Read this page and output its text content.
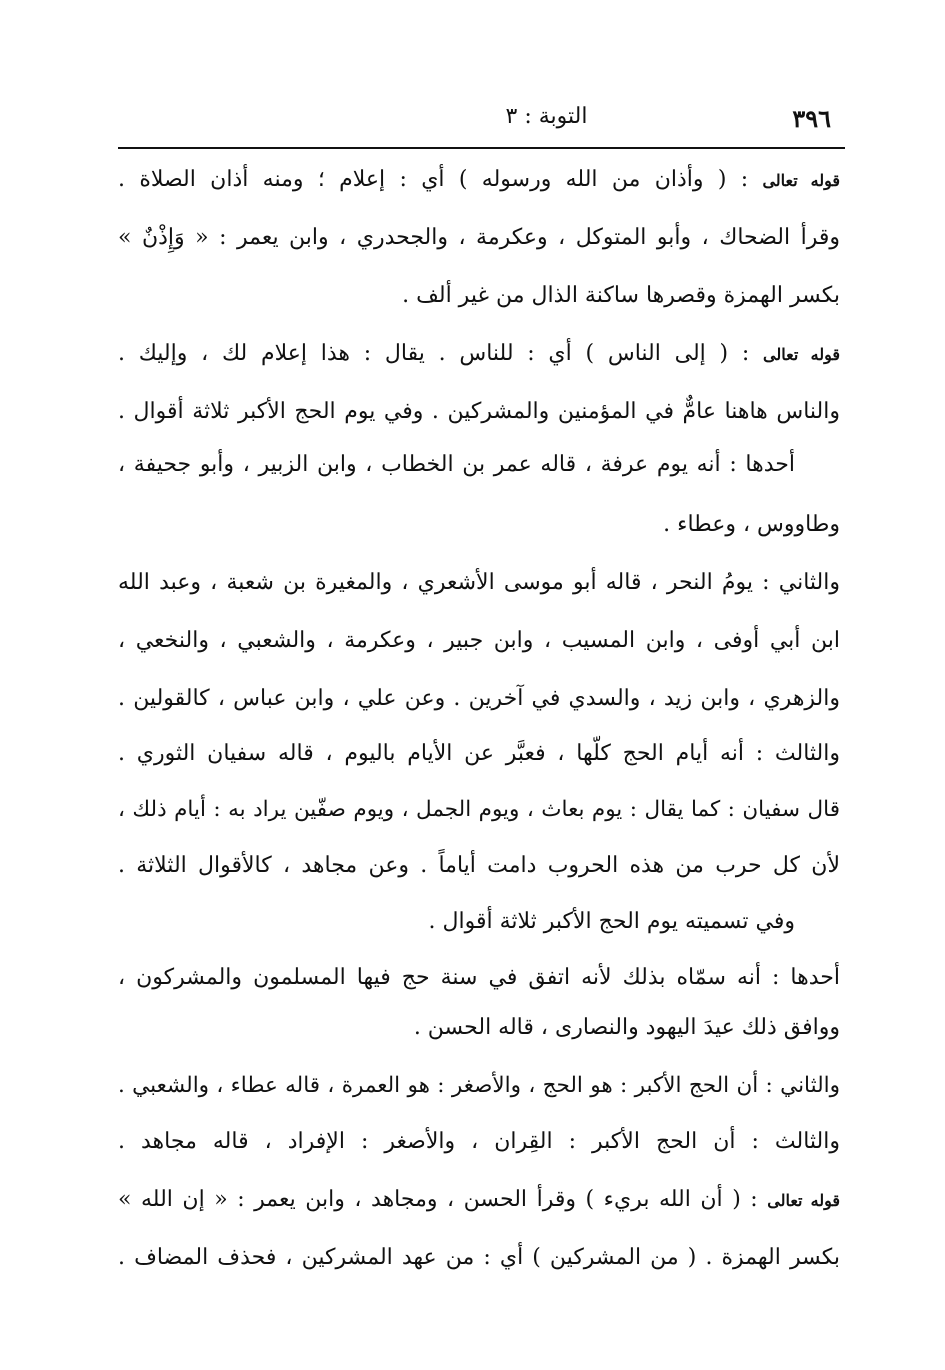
٣٩٦
التوبة : ٣
قوله تعالى : ( وأذان من الله ورسوله ) أي : إعلام ؛ ومنه أذان الصلاة .
وقرأ الضحاك ، وأبو المتوكل ، وعكرمة ، والجحدري ، وابن يعمر : « وَإِذْنٌ »
بكسر الهمزة وقصرها ساكنة الذال من غير ألف .
قوله تعالى : ( إلى الناس ) أي : للناس . يقال : هذا إعلام لك ، وإليك .
والناس هاهنا عامٌّ في المؤمنين والمشركين . وفي يوم الحج الأكبر ثلاثة أقوال .
أحدها : أنه يوم عرفة ، قاله عمر بن الخطاب ، وابن الزبير ، وأبو جحيفة ،
وطاووس ، وعطاء .
والثاني : يومُ النحر ، قاله أبو موسى الأشعري ، والمغيرة بن شعبة ، وعبد الله
ابن أبي أوفى ، وابن المسيب ، وابن جبير ، وعكرمة ، والشعبي ، والنخعي ،
والزهري ، وابن زيد ، والسدي في آخرين . وعن علي ، وابن عباس ، كالقولين .
والثالث : أنه أيام الحج كلّها ، فعبَّر عن الأيام باليوم ، قاله سفيان الثوري .
قال سفيان : كما يقال : يوم بعاث ، ويوم الجمل ، ويوم صفّين يراد به : أيام ذلك ،
لأن كل حرب من هذه الحروب دامت أياماً . وعن مجاهد ، كالأقوال الثلاثة .
وفي تسميته يوم الحج الأكبر ثلاثة أقوال .
أحدها : أنه سمّاه بذلك لأنه اتفق في سنة حج فيها المسلمون والمشركون ،
ووافق ذلك عيدَ اليهود والنصارى ، قاله الحسن .
والثاني : أن الحج الأكبر : هو الحج ، والأصغر : هو العمرة ، قاله عطاء ، والشعبي .
والثالث : أن الحج الأكبر : القِران ، والأصغر : الإفراد ، قاله مجاهد .
قوله تعالى : ( أن الله بريء ) وقرأ الحسن ، ومجاهد ، وابن يعمر : « إن الله »
بكسر الهمزة . ( من المشركين ) أي : من عهد المشركين ، فحذف المضاف .
